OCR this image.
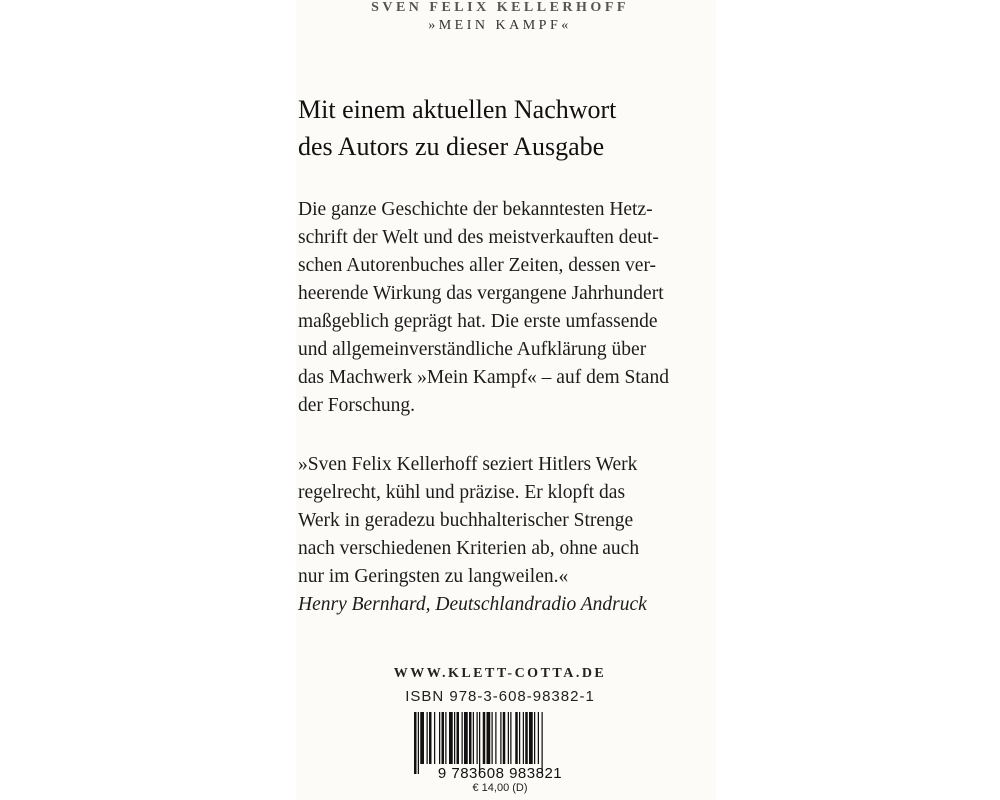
SVEN FELIX KELLERHOFF
»MEIN KAMPF«
Mit einem aktuellen Nachwort
des Autors zu dieser Ausgabe
Die ganze Geschichte der bekanntesten Hetz-
schrift der Welt und des meistverkauften deut-
schen Autorenbuches aller Zeiten, dessen ver-
heerende Wirkung das vergangene Jahrhundert
maßgeblich geprägt hat. Die erste umfassende
und allgemeinverständliche Aufklärung über
das Machwerk »Mein Kampf« – auf dem Stand
der Forschung.
»Sven Felix Kellerhoff seziert Hitlers Werk
regelrecht, kühl und präzise. Er klopft das
Werk in geradezu buchhalterischer Strenge
nach verschiedenen Kriterien ab, ohne auch
nur im Geringsten zu langweilen.«
Henry Bernhard, Deutschlandradio Andruck
WWW.KLETT-COTTA.DE
ISBN 978-3-608-98382-1
9 783608 983821
€ 14,00 (D)
